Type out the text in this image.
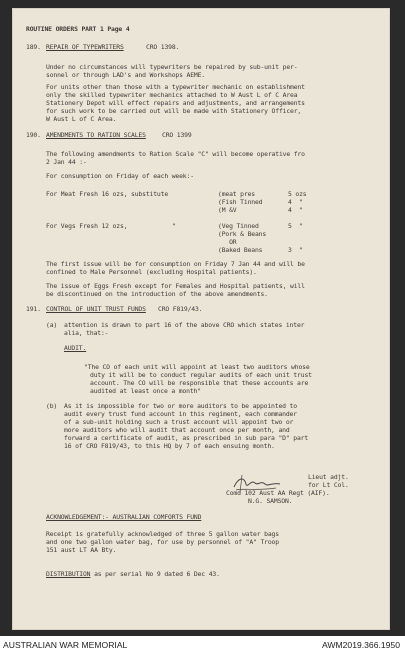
ROUTINE ORDERS PART 1 Page 4
189. REPAIR OF TYPEWRITERS	CRO 1398.
Under no circumstances will typewriters be repaired by sub-unit per-
sonnel or through LAD's and Workshops AEME.
For units other than those with a typewriter mechanic on establishment
only the skilled typewriter mechanics attached to W Aust L of C Area
Stationery Depot will effect repairs and adjustments, and arrangements
for such work to be carried out will be made with Stationery Officer,
W Aust L of C Area.
190. AMENDMENTS TO RATION SCALES	CRO 1399
The following amendments to Ration Scale "C" will become operative fro
2 Jan 44 :-
For consumption on Friday of each week:-
For Meat Fresh 16 ozs, substitute	(meat pres	5 ozs
(Fish Tinned	4  "
(M &V	4  "
For Vegs Fresh 12 ozs,	"	(Veg Tinned	5  "
(Pork & Beans
OR
(Baked Beans	3  "
The first issue will be for consumption on Friday 7 Jan 44 and will be
confined to Male Personnel (excluding Hospital patients).
The issue of Eggs Fresh except for Females and Hospital patients, will
be discontinued on the introduction of the above amendments.
191. CONTROL OF UNIT TRUST FUNDS CRO F819/43.
(a) attention is drawn to part 16 of the above CRO which states inter
alia, that:-
AUDIT.
"The CO of each unit will appoint at least two auditors whose
duty it will be to conduct regular audits of each unit trust
account. The CO will be responsible that these accounts are
audited at least once a month"
(b) As it is impossible for two or more auditors to be appointed to
audit every trust fund account in this regiment, each commander
of a sub-unit holding such a trust account will appoint two or
more auditors who will audit that account once per month, and
forward a certificate of audit, as prescribed in sub para "D" part
16 of CRO F819/43, to this HQ by 7 of each ensuing month.
Lieut adjt.
for Lt Col.
Comd 102 Aust AA Regt (AIF).
N.G. SAMSON.
ACKNOWLEDGEMENT:- AUSTRALIAN COMFORTS FUND
Receipt is gratefully acknowledged of three 5 gallon water bags
and one two gallon water bag, for use by personnel of "A" Troop
151 aust LT AA Bty.
DISTRIBUTION as per serial No 9 dated 6 Dec 43.
AUSTRALIAN WAR MEMORIAL	AWM2019.366.1950
